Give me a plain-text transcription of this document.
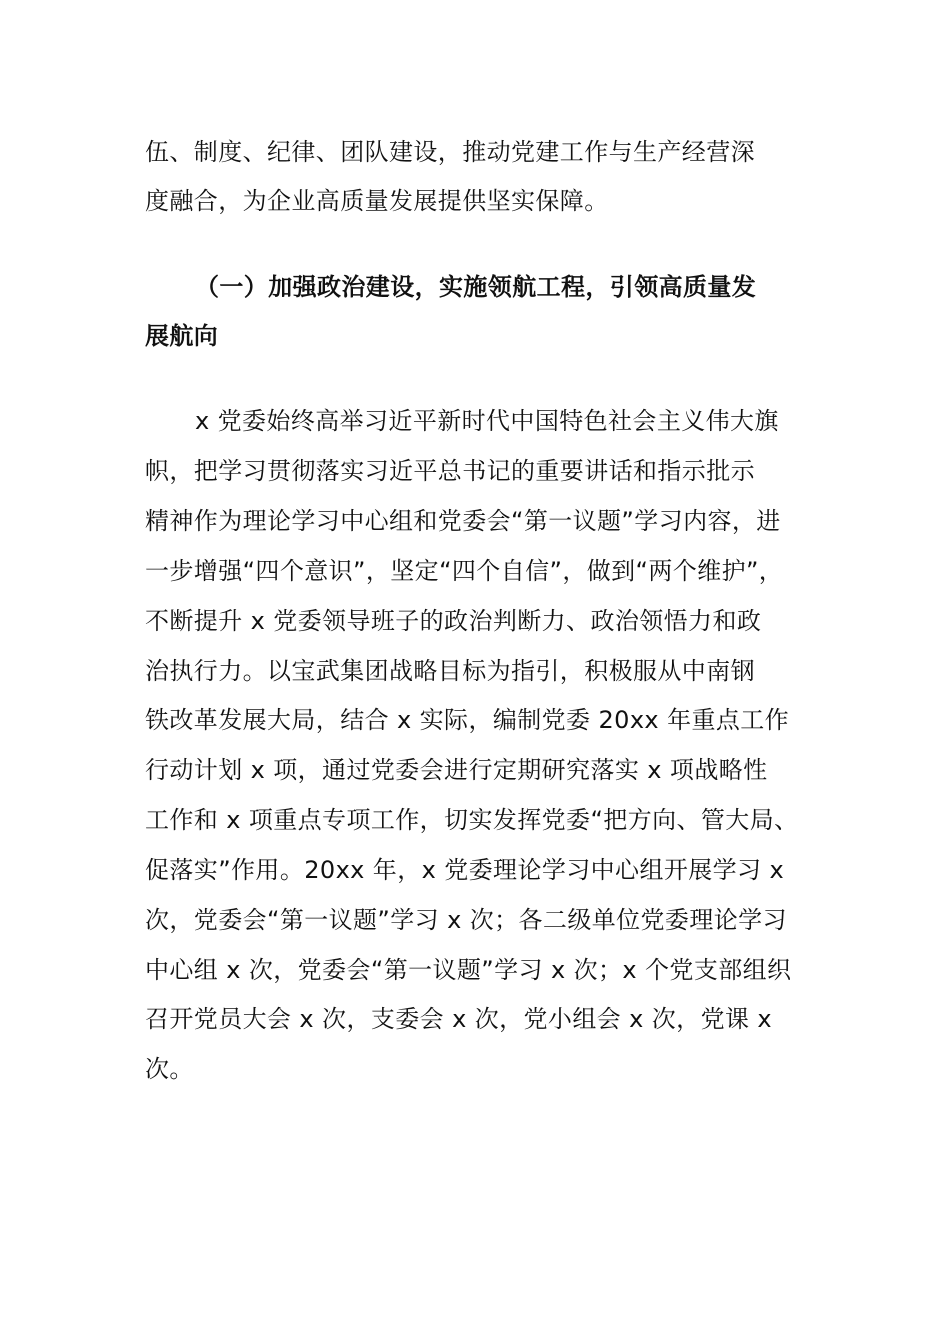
伍、制度、纪律、团队建设，推动党建工作与生产经营深
度融合，为企业高质量发展提供坚实保障。
（一）加强政治建设，实施领航工程，引领高质量发
展航向
x 党委始终高举习近平新时代中国特色社会主义伟大旗
帜，把学习贯彻落实习近平总书记的重要讲话和指示批示
精神作为理论学习中心组和党委会“第一议题”学习内容，进
一步增强“四个意识”，坚定“四个自信”，做到“两个维护”，
不断提升 x 党委领导班子的政治判断力、政治领悟力和政
治执行力。以宝武集团战略目标为指引，积极服从中南钢
铁改革发展大局，结合 x 实际，编制党委 20xx 年重点工作
行动计划 x 项，通过党委会进行定期研究落实 x 项战略性
工作和 x 项重点专项工作，切实发挥党委“把方向、管大局、
促落实”作用。20xx 年，x 党委理论学习中心组开展学习 x
次，党委会“第一议题”学习 x 次；各二级单位党委理论学习
中心组 x 次，党委会“第一议题”学习 x 次；x 个党支部组织
召开党员大会 x 次，支委会 x 次，党小组会 x 次，党课 x
次。
